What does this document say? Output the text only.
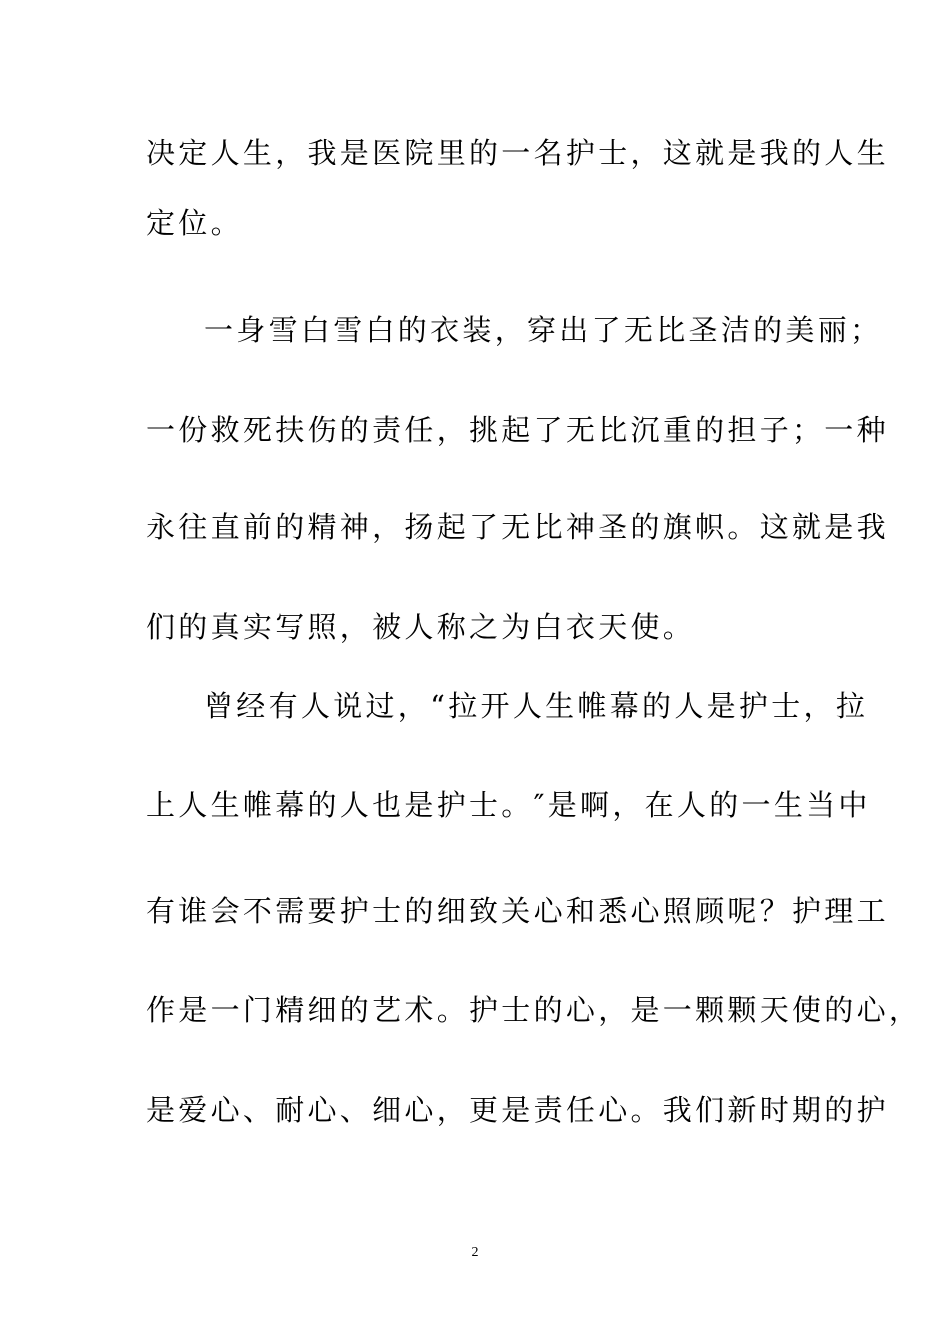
决定人生，我是医院里的一名护士，这就是我的人生
定位。
一身雪白雪白的衣装，穿出了无比圣洁的美丽；
一份救死扶伤的责任，挑起了无比沉重的担子；一种
永往直前的精神，扬起了无比神圣的旗帜。这就是我
们的真实写照，被人称之为白衣天使。
曾经有人说过，“拉开人生帷幕的人是护士，拉
上人生帷幕的人也是护士。″是啊，在人的一生当中
有谁会不需要护士的细致关心和悉心照顾呢？护理工
作是一门精细的艺术。护士的心，是一颗颗天使的心，
是爱心、耐心、细心，更是责任心。我们新时期的护
2
